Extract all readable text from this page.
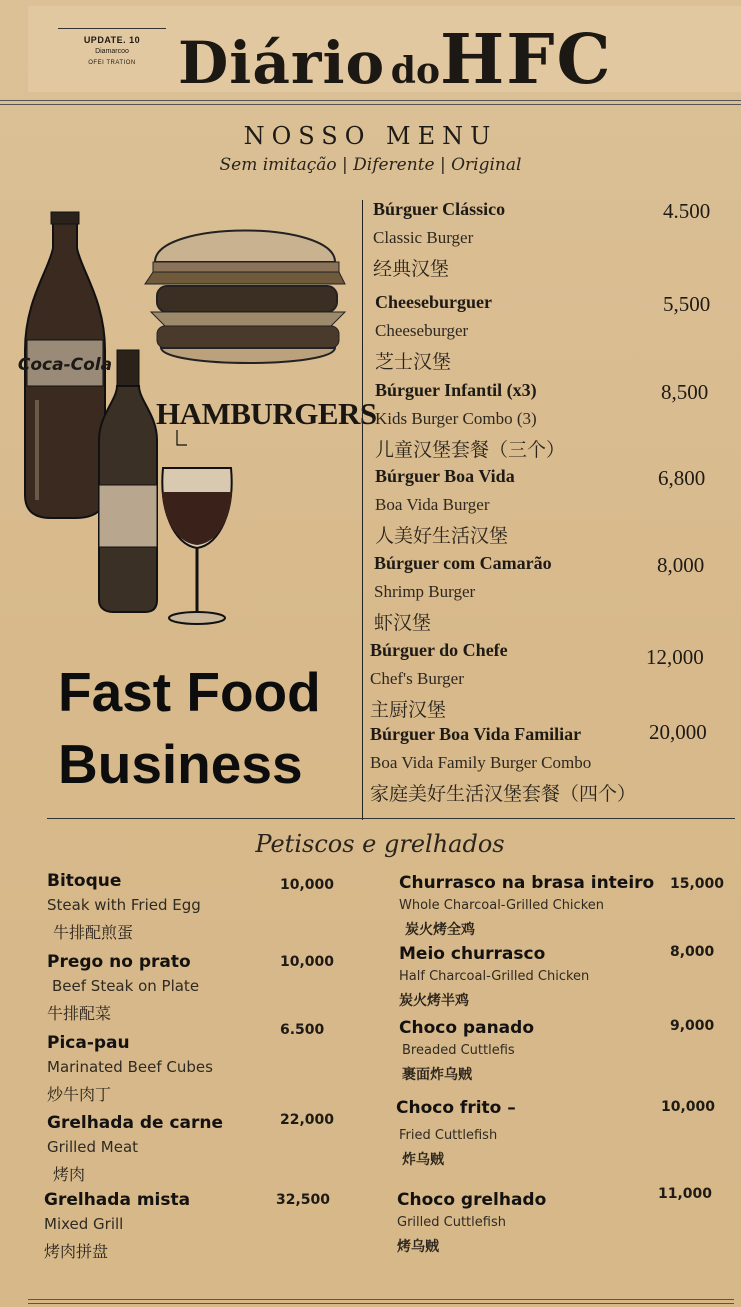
UPDATE. 10
Diamarcoo
OFEI TRATION Diário doHFC
NOSSO MENU
Sem imitação | Diferente | Original
Coca-Cola
HAMBURGERS
Fast Food
Business
Búrguer Clássico
Classic Burger
经典汉堡
4.500
Cheeseburguer
Cheeseburger
芝士汉堡
5,500
Búrguer Infantil (x3)
Kids Burger Combo (3)
儿童汉堡套餐（三个）
8,500
Búrguer Boa Vida
Boa Vida Burger
人美好生活汉堡
6,800
Búrguer com Camarão
Shrimp Burger
虾汉堡
8,000
Búrguer do Chefe
Chef's Burger
主厨汉堡
12,000
Búrguer Boa Vida Familiar
Boa Vida Family Burger Combo
家庭美好生活汉堡套餐（四个）
20,000
Petiscos e grelhados
Bitoque
Steak with Fried Egg
牛排配煎蛋
10,000
Prego no prato
Beef Steak on Plate
牛排配菜
10,000
Pica-pau
Marinated Beef Cubes
炒牛肉丁
6.500
Grelhada de carne
Grilled Meat
烤肉
22,000
Grelhada mista
Mixed Grill
烤肉拼盘
32,500
Churrasco na brasa inteiro
Whole Charcoal-Grilled Chicken
炭火烤全鸡
15,000
Meio churrasco
Half Charcoal-Grilled Chicken
炭火烤半鸡
8,000
Choco panado
Breaded Cuttlefis
裹面炸乌贼
9,000
Choco frito –
Fried Cuttlefish
炸乌贼
10,000
Choco grelhado
Grilled Cuttlefish
烤乌贼
11,000
